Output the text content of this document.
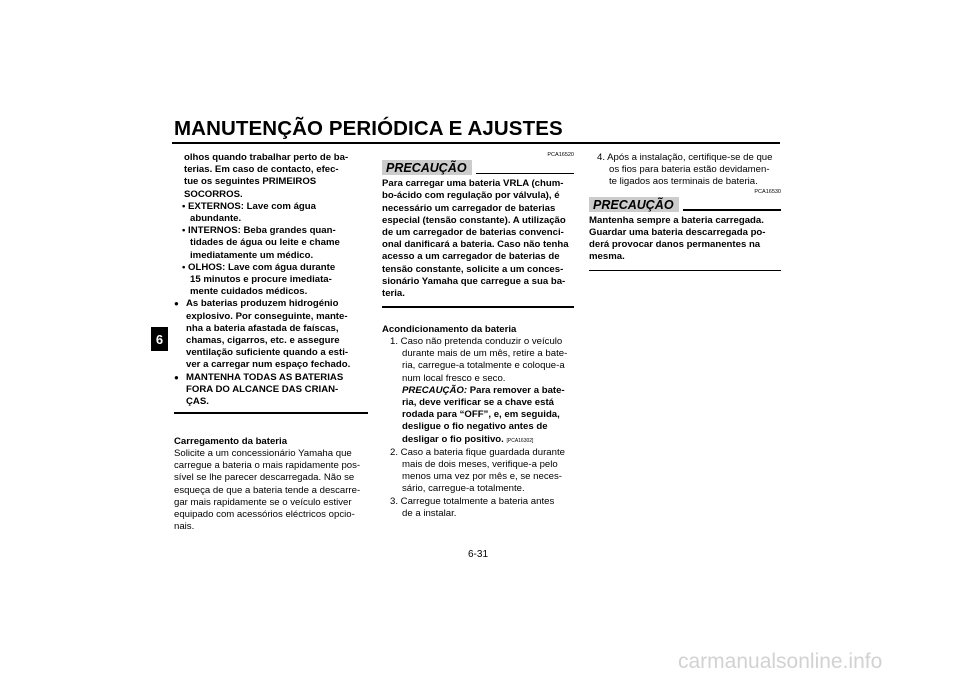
MANUTENÇÃO PERIÓDICA E AJUSTES
6
olhos quando trabalhar perto de ba-
terias. Em caso de contacto, efec-
tue os seguintes PRIMEIROS
SOCORROS.
• EXTERNOS: Lave com água
abundante.
• INTERNOS: Beba grandes quan-
tidades de água ou leite e chame
imediatamente um médico.
• OLHOS: Lave com água durante
15 minutos e procure imediata-
mente cuidados médicos.
● As baterias produzem hidrogénio
explosivo. Por conseguinte, mante-
nha a bateria afastada de faíscas,
chamas, cigarros, etc. e assegure
ventilação suficiente quando a esti-
ver a carregar num espaço fechado.
● MANTENHA TODAS AS BATERIAS
FORA DO ALCANCE DAS CRIAN-
ÇAS.
Carregamento da bateria
Solicite a um concessionário Yamaha que
carregue a bateria o mais rapidamente pos-
sível se lhe parecer descarregada. Não se
esqueça de que a bateria tende a descarre-
gar mais rapidamente se o veículo estiver
equipado com acessórios eléctricos opcio-
nais.
PCA16520
PRECAUÇÃO
Para carregar uma bateria VRLA (chum-
bo-ácido com regulação por válvula), é
necessário um carregador de baterias
especial (tensão constante). A utilização
de um carregador de baterias convenci-
onal danificará a bateria. Caso não tenha
acesso a um carregador de baterias de
tensão constante, solicite a um conces-
sionário Yamaha que carregue a sua ba-
teria.
Acondicionamento da bateria
1. Caso não pretenda conduzir o veículo
durante mais de um mês, retire a bate-
ria, carregue-a totalmente e coloque-a
num local fresco e seco.
PRECAUÇÃO: Para remover a bate-
ria, deve verificar se a chave está
rodada para “OFF”, e, em seguida,
desligue o fio negativo antes de
desligar o fio positivo. [PCA16302]
2. Caso a bateria fique guardada durante
mais de dois meses, verifique-a pelo
menos uma vez por mês e, se neces-
sário, carregue-a totalmente.
3. Carregue totalmente a bateria antes
de a instalar.
4. Após a instalação, certifique-se de que
os fios para bateria estão devidamen-
te ligados aos terminais de bateria.
PCA16530
PRECAUÇÃO
Mantenha sempre a bateria carregada.
Guardar uma bateria descarregada po-
derá provocar danos permanentes na
mesma.
6-31
carmanualsonline.info
